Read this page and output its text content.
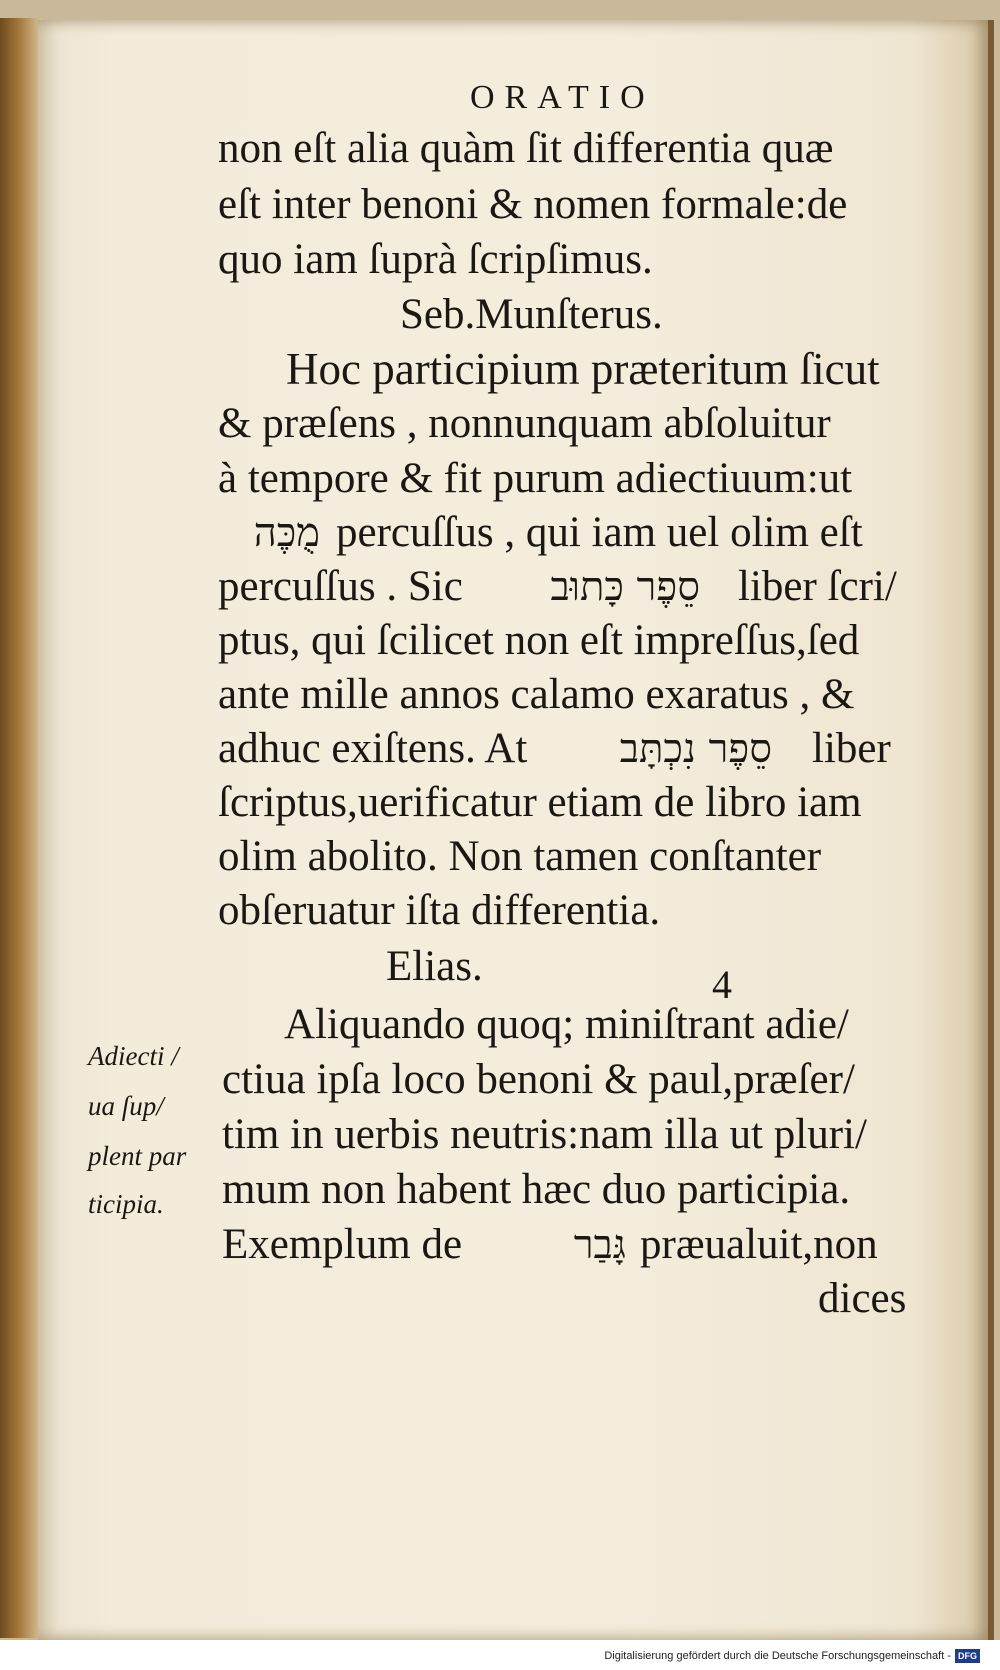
ORATIO
non eſt alia quàm ſit differentia quæ
eſt inter benoni & nomen formale:de
quo iam ſuprà ſcripſimus.
Seb.Munſterus.
Hoc participium præteritum ſicut
& præſens , nonnunquam abſoluitur
à tempore & fit purum adiectiuum:ut
מֻכֶּה percuſſus , qui iam uel olim eſt
percuſſus . Sic	סֵפֶר כָּתוּב liber ſcri/
ptus, qui ſcilicet non eſt impreſſus,ſed
ante mille annos calamo exaratus , &
adhuc exiſtens. At	סֵפֶר נִכְתָּב liber
ſcriptus,uerificatur etiam de libro iam
olim abolito. Non tamen conſtanter
obſeruatur iſta differentia.
Elias.	4
Aliquando quoq; miniſtrant adie/
ctiua ipſa loco benoni & paul,præſer/
tim in uerbis neutris:nam illa ut pluri/
mum non habent hæc duo participia.
Exemplum de	גָּבַר præualuit,non
dices
Adiecti /
ua ſup/
plent par
ticipia.
Digitalisierung gefördert durch die Deutsche Forschungsgemeinschaft - DFG
